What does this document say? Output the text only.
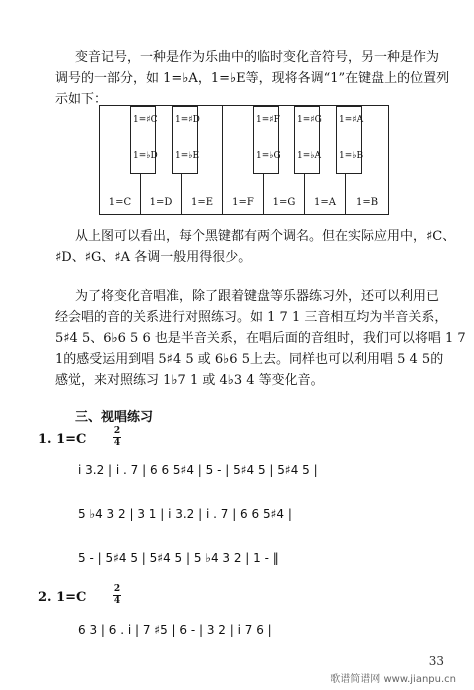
变音记号，一种是作为乐曲中的临时变化音符号，另一种是作为
调号的一部分，如 1=♭A，1=♭E等，现将各调“1”在键盘上的位置列
示如下：
1=C	1=D	1=E	1=F	1=G	1=A	1=B
1=♯C
1=♭D
1=♯D
1=♭E
1=♯F
1=♭G
1=♯G
1=♭A
1=♯A
1=♭B
从上图可以看出，每个黑键都有两个调名。但在实际应用中，♯C、
♯D、♯G、♯A 各调一般用得很少。
为了将变化音唱准，除了跟着键盘等乐器练习外，还可以利用已
经会唱的音的关系进行对照练习。如 1 7 1 三音相互均为半音关系，
5♯4 5、6♭6 5 6 也是半音关系，在唱后面的音组时，我们可以将唱 1 7
1的感受运用到唱 5♯4 5 或 6♭6 5上去。同样也可以利用唱 5 4 5的
感觉，来对照练习 1♭7 1 或 4♭3 4 等变化音。
三、视唱练习
1. 1=C
2
4
i 3.2 | i . 7 | 6 6 5♯4 | 5 - | 5♯4 5 | 5♯4 5 |
5 ♭4 3 2 | 3 1 | i 3.2 | i . 7 | 6 6 5♯4 |
5 - | 5♯4 5 | 5♯4 5 | 5 ♭4 3 2 | 1 - ‖
2. 1=C
2
4
6 3 | 6 . i | 7 ♯5 | 6 - | 3 2 | i 7 6 |
33
歌谱简谱网 www.jianpu.cn
